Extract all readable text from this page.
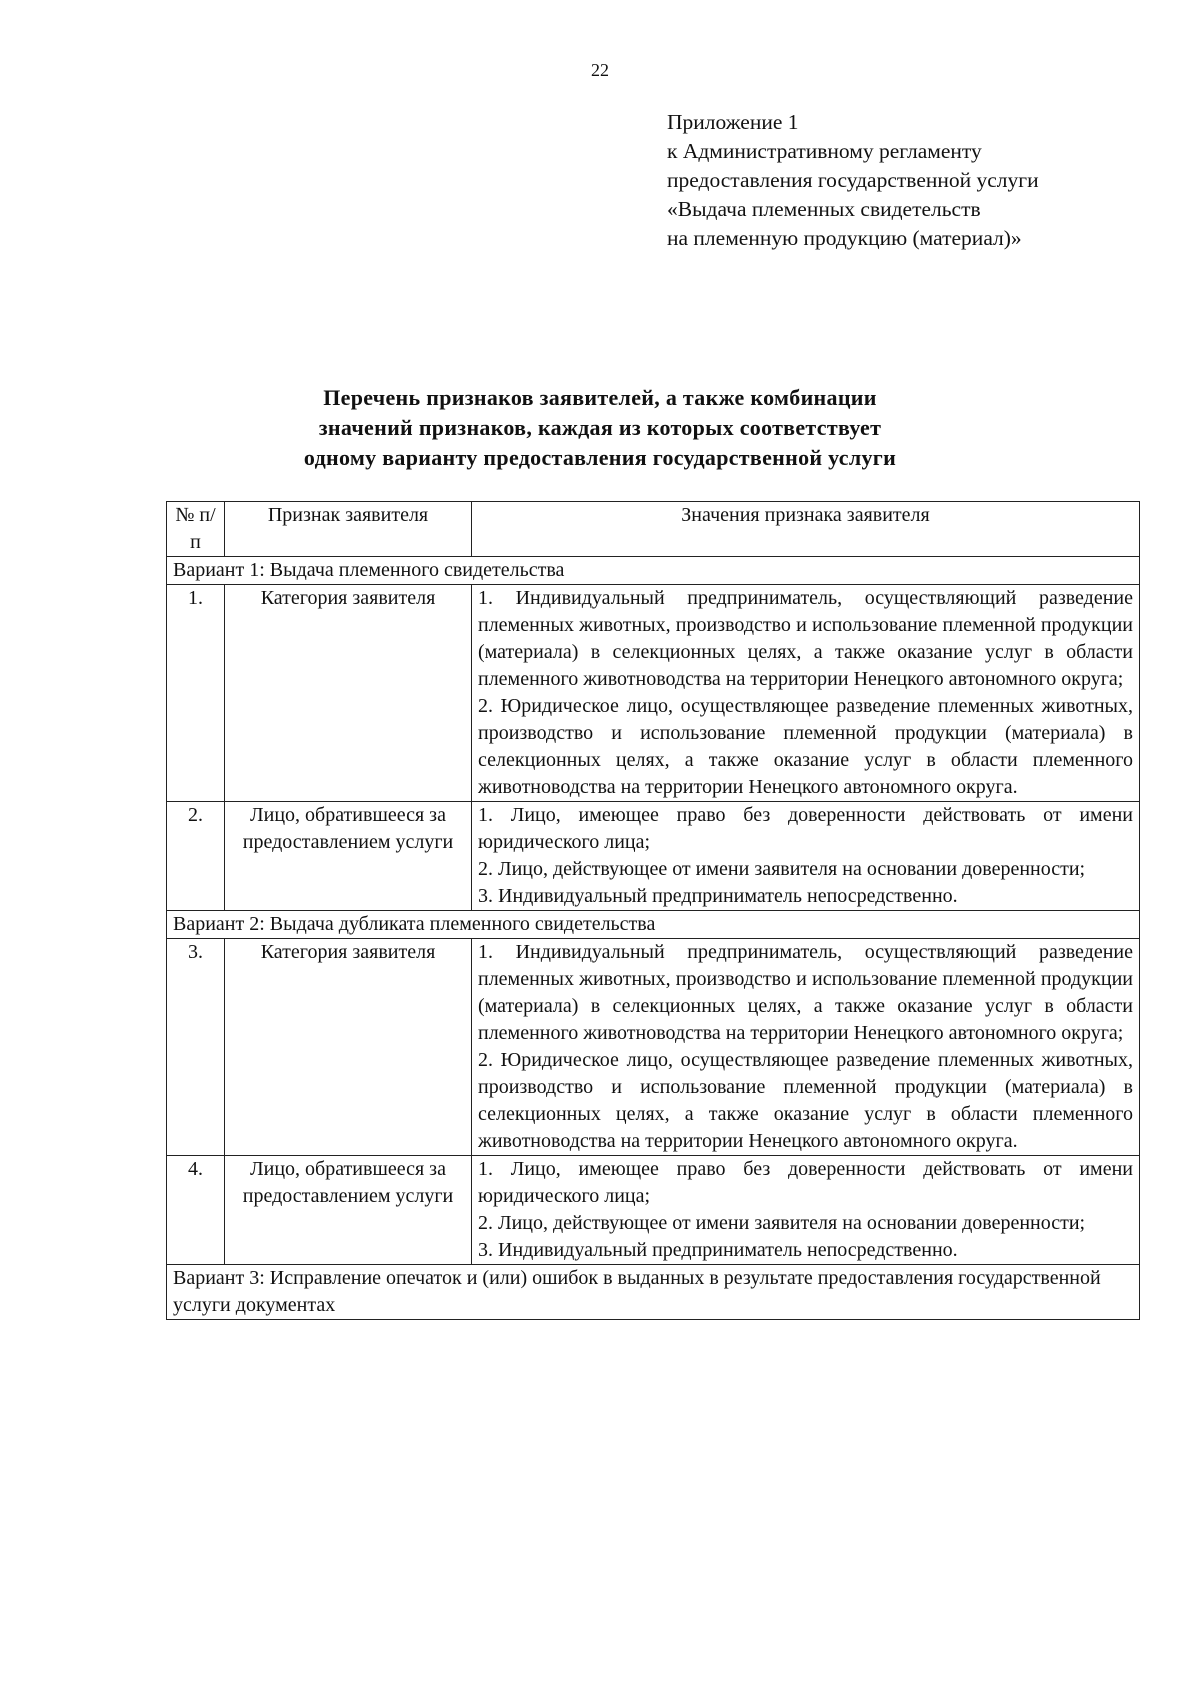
22
Приложение 1
к Административному регламенту
предоставления государственной услуги
«Выдача племенных свидетельств
на племенную продукцию (материал)»
Перечень признаков заявителей, а также комбинации
значений признаков, каждая из которых соответствует
одному варианту предоставления государственной услуги
№ п/п	Признак заявителя	Значения признака заявителя
Вариант 1: Выдача племенного свидетельства		
1.	Категория заявителя	1. Индивидуальный предприниматель, осуществляющий разведение племенных животных, производство и использование племенной продукции (материала) в селекционных целях, а также оказание услуг в области племенного животноводства на территории Ненецкого автономного округа;

2. Юридическое лицо, осуществляющее разведение племенных животных, производство и использование племенной продукции (материала) в селекционных целях, а также оказание услуг в области племенного животноводства на территории Ненецкого автономного округа.

2.	Лицо, обратившееся за предоставлением услуги	1. Лицо, имеющее право без доверенности действовать от имени юридического лица;

2. Лицо, действующее от имени заявителя на основании доверенности;

3. Индивидуальный предприниматель непосредственно.

Вариант 2: Выдача дубликата племенного свидетельства		
3.	Категория заявителя	1. Индивидуальный предприниматель, осуществляющий разведение племенных животных, производство и использование племенной продукции (материала) в селекционных целях, а также оказание услуг в области племенного животноводства на территории Ненецкого автономного округа;

2. Юридическое лицо, осуществляющее разведение племенных животных, производство и использование племенной продукции (материала) в селекционных целях, а также оказание услуг в области племенного животноводства на территории Ненецкого автономного округа.

4.	Лицо, обратившееся за предоставлением услуги	1. Лицо, имеющее право без доверенности действовать от имени юридического лица;

2. Лицо, действующее от имени заявителя на основании доверенности;

3. Индивидуальный предприниматель непосредственно.

Вариант 3: Исправление опечаток и (или) ошибок в выданных в результате предоставления государственной услуги документах		
